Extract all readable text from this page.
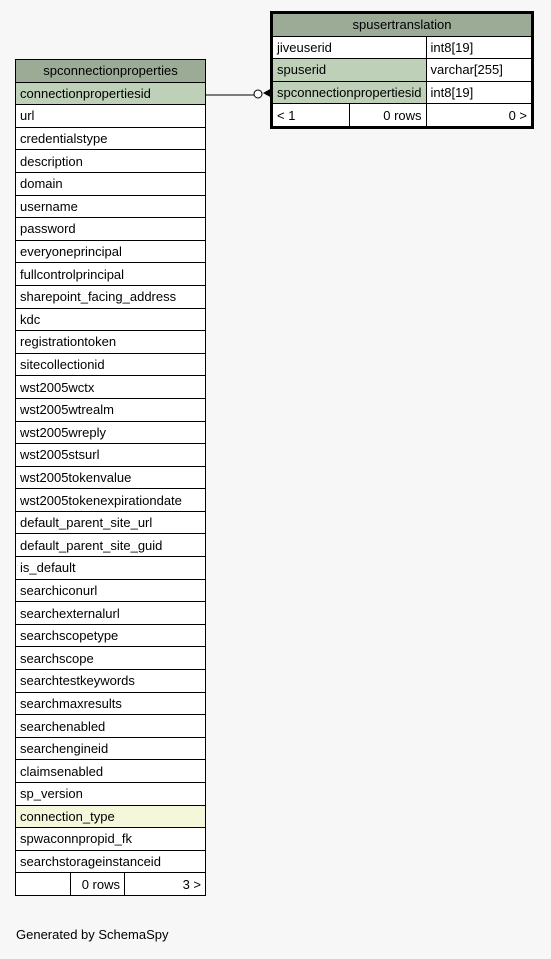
spconnectionproperties
connectionpropertiesid
url
credentialstype
description
domain
username
password
everyoneprincipal
fullcontrolprincipal
sharepoint_facing_address
kdc
registrationtoken
sitecollectionid
wst2005wctx
wst2005wtrealm
wst2005wreply
wst2005stsurl
wst2005tokenvalue
wst2005tokenexpirationdate
default_parent_site_url
default_parent_site_guid
is_default
searchiconurl
searchexternalurl
searchscopetype
searchscope
searchtestkeywords
searchmaxresults
searchenabled
searchengineid
claimsenabled
sp_version
connection_type
spwaconnpropid_fk
searchstorageinstanceid
	0 rows	3 >
spusertranslation		
jiveuserid		int8[19]
spuserid		varchar[255]
spconnectionpropertiesid		int8[19]
< 1	0 rows	0 >
Generated by SchemaSpy
